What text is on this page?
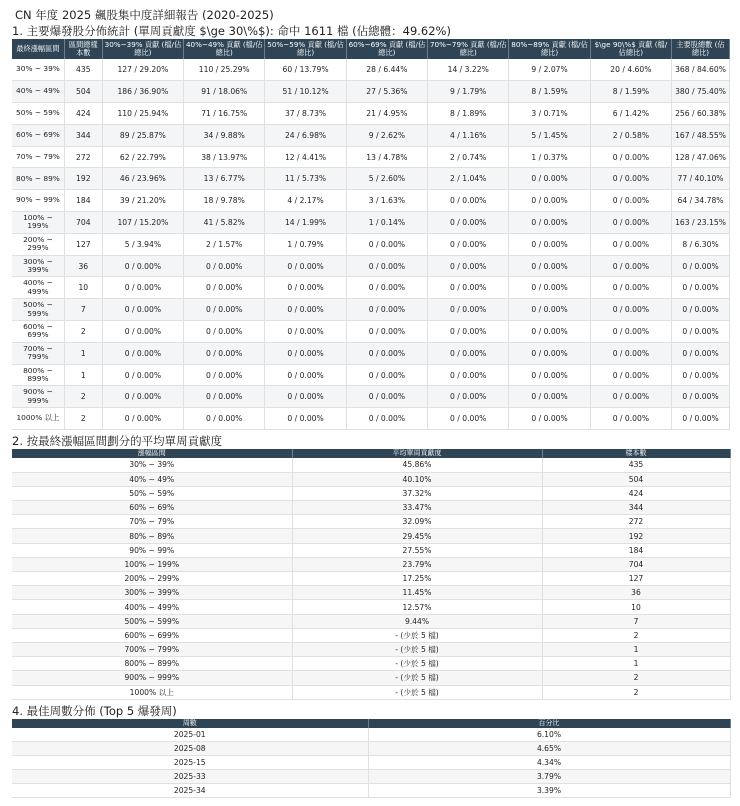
CN 年度 2025 飆股集中度詳細報告 (2020-2025)
1. 主要爆發股分佈統計 (單周貢獻度 $\ge 30\%$): 命中 1611 檔 (佔總體：49.62%)
最終漲幅區間	區間總樣本數	30%~39% 貢獻 (檔/佔總比)	40%~49% 貢獻 (檔/佔總比)	50%~59% 貢獻 (檔/佔總比)	60%~69% 貢獻 (檔/佔總比)	70%~79% 貢獻 (檔/佔總比)	80%~89% 貢獻 (檔/佔總比)	$\ge 90\%$ 貢獻 (檔/佔總比)	主要股總數 (佔總比)
30% ~ 39%	435	127 / 29.20%	110 / 25.29%	60 / 13.79%	28 / 6.44%	14 / 3.22%	9 / 2.07%	20 / 4.60%	368 / 84.60%
40% ~ 49%	504	186 / 36.90%	91 / 18.06%	51 / 10.12%	27 / 5.36%	9 / 1.79%	8 / 1.59%	8 / 1.59%	380 / 75.40%
50% ~ 59%	424	110 / 25.94%	71 / 16.75%	37 / 8.73%	21 / 4.95%	8 / 1.89%	3 / 0.71%	6 / 1.42%	256 / 60.38%
60% ~ 69%	344	89 / 25.87%	34 / 9.88%	24 / 6.98%	9 / 2.62%	4 / 1.16%	5 / 1.45%	2 / 0.58%	167 / 48.55%
70% ~ 79%	272	62 / 22.79%	38 / 13.97%	12 / 4.41%	13 / 4.78%	2 / 0.74%	1 / 0.37%	0 / 0.00%	128 / 47.06%
80% ~ 89%	192	46 / 23.96%	13 / 6.77%	11 / 5.73%	5 / 2.60%	2 / 1.04%	0 / 0.00%	0 / 0.00%	77 / 40.10%
90% ~ 99%	184	39 / 21.20%	18 / 9.78%	4 / 2.17%	3 / 1.63%	0 / 0.00%	0 / 0.00%	0 / 0.00%	64 / 34.78%
100% ~ 199%	704	107 / 15.20%	41 / 5.82%	14 / 1.99%	1 / 0.14%	0 / 0.00%	0 / 0.00%	0 / 0.00%	163 / 23.15%
200% ~ 299%	127	5 / 3.94%	2 / 1.57%	1 / 0.79%	0 / 0.00%	0 / 0.00%	0 / 0.00%	0 / 0.00%	8 / 6.30%
300% ~ 399%	36	0 / 0.00%	0 / 0.00%	0 / 0.00%	0 / 0.00%	0 / 0.00%	0 / 0.00%	0 / 0.00%	0 / 0.00%
400% ~ 499%	10	0 / 0.00%	0 / 0.00%	0 / 0.00%	0 / 0.00%	0 / 0.00%	0 / 0.00%	0 / 0.00%	0 / 0.00%
500% ~ 599%	7	0 / 0.00%	0 / 0.00%	0 / 0.00%	0 / 0.00%	0 / 0.00%	0 / 0.00%	0 / 0.00%	0 / 0.00%
600% ~ 699%	2	0 / 0.00%	0 / 0.00%	0 / 0.00%	0 / 0.00%	0 / 0.00%	0 / 0.00%	0 / 0.00%	0 / 0.00%
700% ~ 799%	1	0 / 0.00%	0 / 0.00%	0 / 0.00%	0 / 0.00%	0 / 0.00%	0 / 0.00%	0 / 0.00%	0 / 0.00%
800% ~ 899%	1	0 / 0.00%	0 / 0.00%	0 / 0.00%	0 / 0.00%	0 / 0.00%	0 / 0.00%	0 / 0.00%	0 / 0.00%
900% ~ 999%	2	0 / 0.00%	0 / 0.00%	0 / 0.00%	0 / 0.00%	0 / 0.00%	0 / 0.00%	0 / 0.00%	0 / 0.00%
1000% 以上	2	0 / 0.00%	0 / 0.00%	0 / 0.00%	0 / 0.00%	0 / 0.00%	0 / 0.00%	0 / 0.00%	0 / 0.00%
2. 按最終漲幅區間劃分的平均單周貢獻度
漲幅區間	平均單周貢獻度	樣本數
30% ~ 39%	45.86%	435
40% ~ 49%	40.10%	504
50% ~ 59%	37.32%	424
60% ~ 69%	33.47%	344
70% ~ 79%	32.09%	272
80% ~ 89%	29.45%	192
90% ~ 99%	27.55%	184
100% ~ 199%	23.79%	704
200% ~ 299%	17.25%	127
300% ~ 399%	11.45%	36
400% ~ 499%	12.57%	10
500% ~ 599%	9.44%	7
600% ~ 699%	- (少於 5 檔)	2
700% ~ 799%	- (少於 5 檔)	1
800% ~ 899%	- (少於 5 檔)	1
900% ~ 999%	- (少於 5 檔)	2
1000% 以上	- (少於 5 檔)	2
4. 最佳周數分佈 (Top 5 爆發周)
周數	百分比
2025-01	6.10%
2025-08	4.65%
2025-15	4.34%
2025-33	3.79%
2025-34	3.39%
